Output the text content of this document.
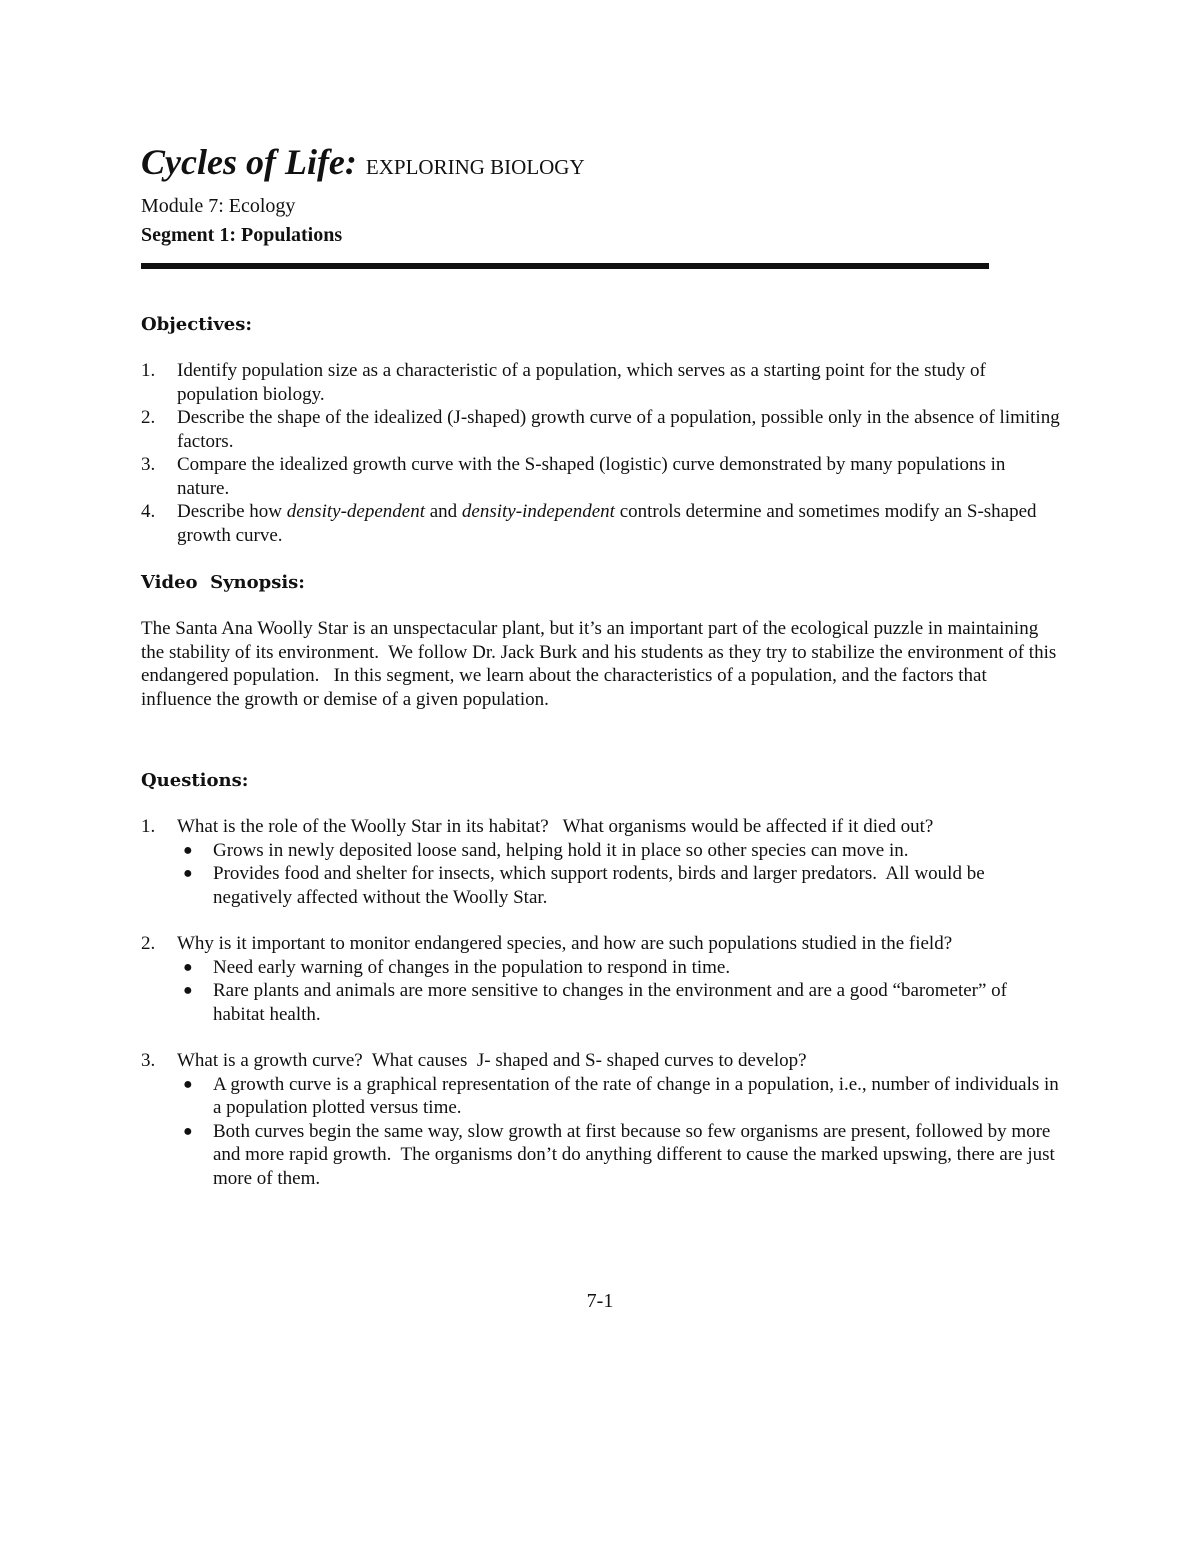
Cycles of Life: EXPLORING BIOLOGY
Module 7: Ecology
Segment 1: Populations
Objectives:
1. Identify population size as a characteristic of a population, which serves as a starting point for the study of population biology.
2. Describe the shape of the idealized (J-shaped) growth curve of a population, possible only in the absence of limiting factors.
3. Compare the idealized growth curve with the S-shaped (logistic) curve demonstrated by many populations in nature.
4. Describe how density-dependent and density-independent controls determine and sometimes modify an S-shaped growth curve.
Video  Synopsis:

The Santa Ana Woolly Star is an unspectacular plant, but it’s an important part of the ecological puzzle in maintaining the stability of its environment.  We follow Dr. Jack Burk and his students as they try to stabilize the environment of this endangered population.   In this segment, we learn about the characteristics of a population, and the factors that influence the growth or demise of a given population.

Questions:
1. What is the role of the Woolly Star in its habitat?   What organisms would be affected if it died out?
● Grows in newly deposited loose sand, helping hold it in place so other species can move in.
● Provides food and shelter for insects, which support rodents, birds and larger predators.  All would be negatively affected without the Woolly Star.
2. Why is it important to monitor endangered species, and how are such populations studied in the field?
● Need early warning of changes in the population to respond in time.
● Rare plants and animals are more sensitive to changes in the environment and are a good “barometer” of habitat health.
3. What is a growth curve?  What causes  J- shaped and S- shaped curves to develop?
● A growth curve is a graphical representation of the rate of change in a population, i.e., number of individuals in a population plotted versus time.
● Both curves begin the same way, slow growth at first because so few organisms are present, followed by more and more rapid growth.  The organisms don’t do anything different to cause the marked upswing, there are just more of them.
7-1
